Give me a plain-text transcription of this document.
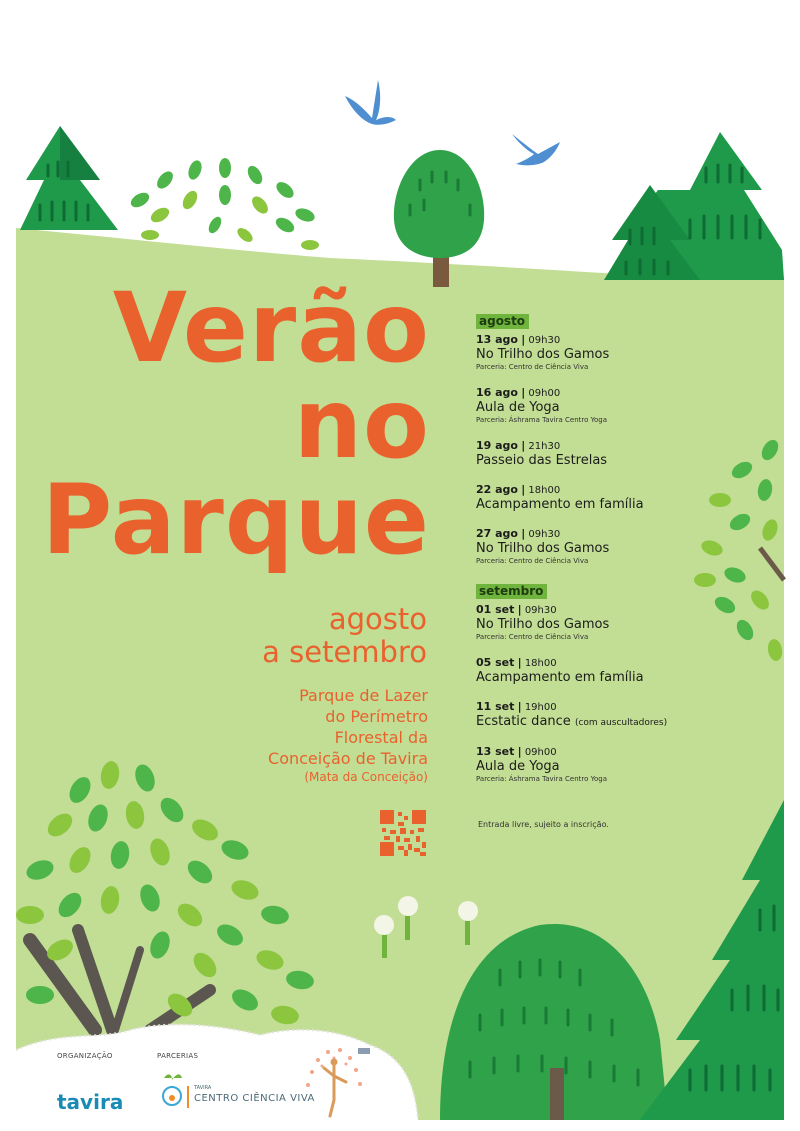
Verão
no
Parque
agosto
a setembro
Parque de Lazer
do Perímetro
Florestal da
Conceição de Tavira
(Mata da Conceição)
agosto
13 ago | 09h30
No Trilho dos Gamos
Parceria: Centro de Ciência Viva
16 ago | 09h00
Aula de Yoga
Parceria: Áshrama Tavira Centro Yoga
19 ago | 21h30
Passeio das Estrelas
22 ago | 18h00
Acampamento em família
27 ago | 09h30
No Trilho dos Gamos
Parceria: Centro de Ciência Viva
setembro
01 set | 09h30
No Trilho dos Gamos
Parceria: Centro de Ciência Viva
05 set | 18h00
Acampamento em família
11 set | 19h00
Ecstatic dance (com auscultadores)
13 set | 09h00
Aula de Yoga
Parceria: Áshrama Tavira Centro Yoga
Entrada livre, sujeito a inscrição.
ORGANIZAÇÃO	PARCERIAS
tavira
TAVIRA
CENTRO CIÊNCIA VIVA
